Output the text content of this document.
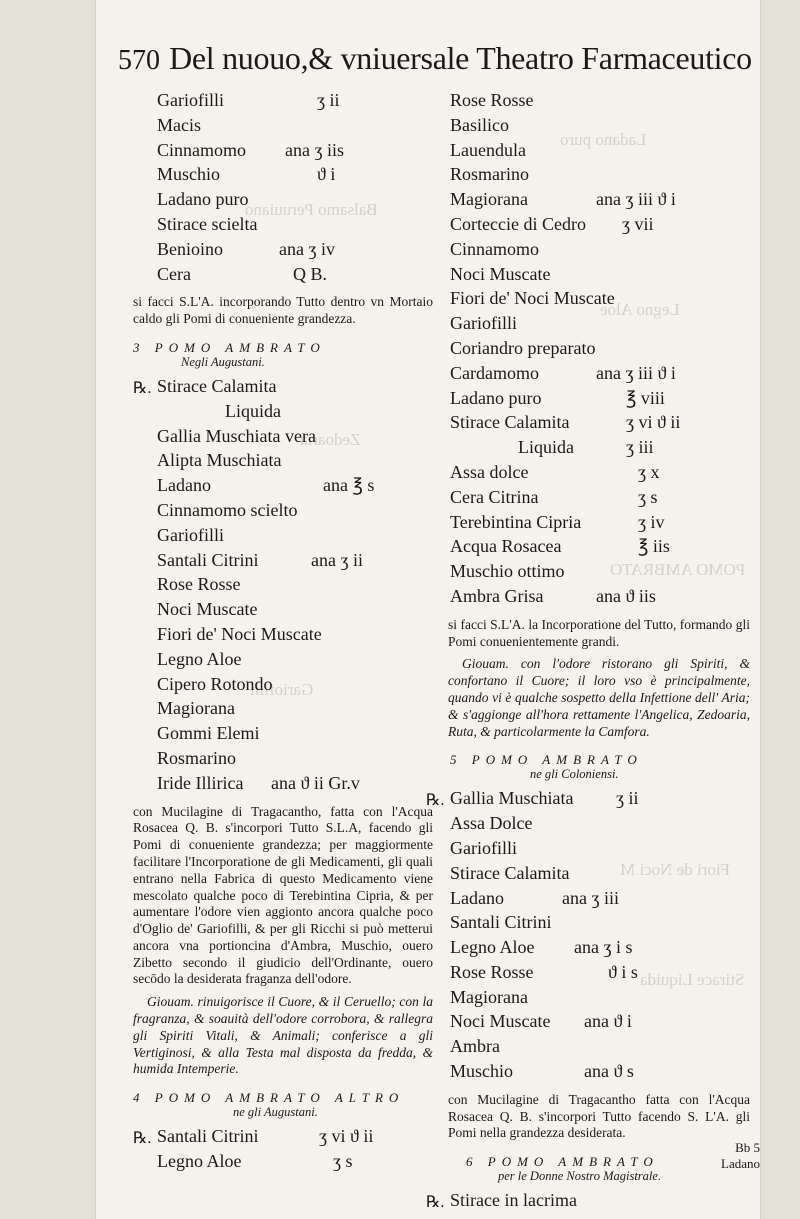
Ladano puro
Balsamo Peruuiano
Legno Aloe
Zedoaria
POMO AMBRATO
Gariofilli
Fiori de Noci M
Stirace Liquida
570 Del nuouo,& vniuersale Theatro Farmaceutico
Gariofilli	ʒ ii
Macis
Cinnamomo ana ʒ iis
Muschio	ϑ i
Ladano puro
Stirace scielta
Benioino	ana ʒ iv
Cera	Q B.

si facci S.L'A. incorporando Tutto dentro vn Mortaio caldo gli Pomi di conueniente grandezza.

3 POMO AMBRATO
Negli Augustani.
℞. Stirace Calamita
Liquida
Gallia Muschiata vera
Alipta Muschiata
Ladano	ana ℥ s
Cinnamomo scielto
Gariofilli
Santali Citrini	ana ʒ ii
Rose Rosse
Noci Muscate
Fiori de' Noci Muscate
Legno Aloe
Cipero Rotondo
Magiorana
Gommi Elemi
Rosmarino
Iride Illirica ana ϑ ii Gr.v

con Mucilagine di Tragacantho, fatta con l'Acqua Rosacea Q. B. s'incorpori Tutto S.L.A, facendo gli Pomi di conueniente grandezza; per maggiormente facilitare l'Incorporatione de gli Medicamenti, gli quali entrano nella Fabrica di questo Medicamento viene mescolato qualche poco di Terebintina Cipria, & per aumentare l'odore vien aggionto ancora qualche poco d'Oglio de' Gariofilli, & per gli Ricchi si può metterui ancora vna portioncina d'Ambra, Muschio, ouero Zibetto secondo il giudicio dell'Ordinante, ouero secōdo la desiderata fraganza dell'odore.

Giouam. rinuigorisce il Cuore, & il Ceruello; con la fragranza, & soauità dell'odore corrobora, & rallegra gli Spiriti Vitali, & Animali; conferisce a gli Vertiginosi, & alla Testa mal disposta da fredda, & humida Intemperie.

4 POMO AMBRATO ALTRO
ne gli Augustani.
℞. Santali Citrini	ʒ vi ϑ ii
Legno Aloe	ʒ s
Rose Rosse
Basilico
Lauendula
Rosmarino
Magiorana	ana ʒ iii ϑ i
Corteccie di Cedro ʒ vii
Cinnamomo
Noci Muscate
Fiori de' Noci Muscate
Gariofilli
Coriandro preparato
Cardamomo	ana ʒ iii ϑ i
Ladano puro	℥ viii
Stirace Calamita	ʒ vi ϑ ii
Liquida	ʒ iii
Assa dolce	ʒ x
Cera Citrina	ʒ s
Terebintina Cipria	ʒ iv
Acqua Rosacea	℥ iis
Muschio ottimo
Ambra Grisa	ana ϑ iis

si facci S.L'A. la Incorporatione del Tutto, formando gli Pomi conuenientemente grandi.

Giouam. con l'odore ristorano gli Spiriti, & confortano il Cuore; il loro vso è principalmente, quando vi è qualche sospetto della Infettione dell' Aria; & s'aggionge all'hora rettamente l'Angelica, Zedoaria, Ruta, & particolarmente la Camfora.

5 POMO AMBRATO
ne gli Coloniensi.
℞. Gallia Muschiata ʒ ii
Assa Dolce
Gariofilli
Stirace Calamita
Ladano	ana ʒ iii
Santali Citrini
Legno Aloe ana ʒ i s
Rose Rosse	ϑ i s
Magiorana
Noci Muscate ana ϑ i
Ambra
Muschio	ana ϑ s

con Mucilagine di Tragacantho fatta con l'Acqua Rosacea Q. B. s'incorpori Tutto facendo S. L'A. gli Pomi nella grandezza desiderata.

6 POMO AMBRATO
per le Donne Nostro Magistrale.
℞. Stirace in lacrima
Bb 5
Ladano
